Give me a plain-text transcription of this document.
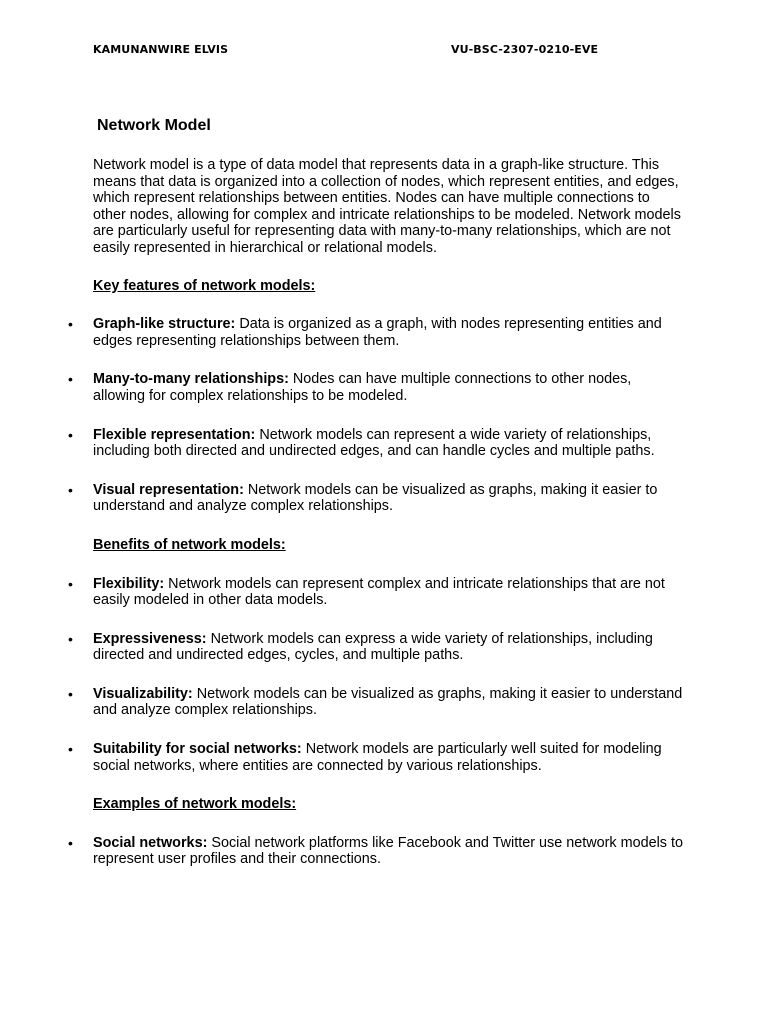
KAMUNANWIRE ELVIS	VU-BSC-2307-0210-EVE
Network Model

Network model is a type of data model that represents data in a graph-like structure. This means that data is organized into a collection of nodes, which represent entities, and edges, which represent relationships between entities. Nodes can have multiple connections to other nodes, allowing for complex and intricate relationships to be modeled. Network models are particularly useful for representing data with many-to-many relationships, which are not easily represented in hierarchical or relational models.

Key features of network models:

• Graph-like structure: Data is organized as a graph, with nodes representing entities and edges representing relationships between them.
• Many-to-many relationships: Nodes can have multiple connections to other nodes, allowing for complex relationships to be modeled.
• Flexible representation: Network models can represent a wide variety of relationships, including both directed and undirected edges, and can handle cycles and multiple paths.
• Visual representation: Network models can be visualized as graphs, making it easier to understand and analyze complex relationships.

Benefits of network models:

• Flexibility: Network models can represent complex and intricate relationships that are not easily modeled in other data models.
• Expressiveness: Network models can express a wide variety of relationships, including directed and undirected edges, cycles, and multiple paths.
• Visualizability: Network models can be visualized as graphs, making it easier to understand and analyze complex relationships.
• Suitability for social networks: Network models are particularly well suited for modeling social networks, where entities are connected by various relationships.

Examples of network models:

• Social networks: Social network platforms like Facebook and Twitter use network models to represent user profiles and their connections.
